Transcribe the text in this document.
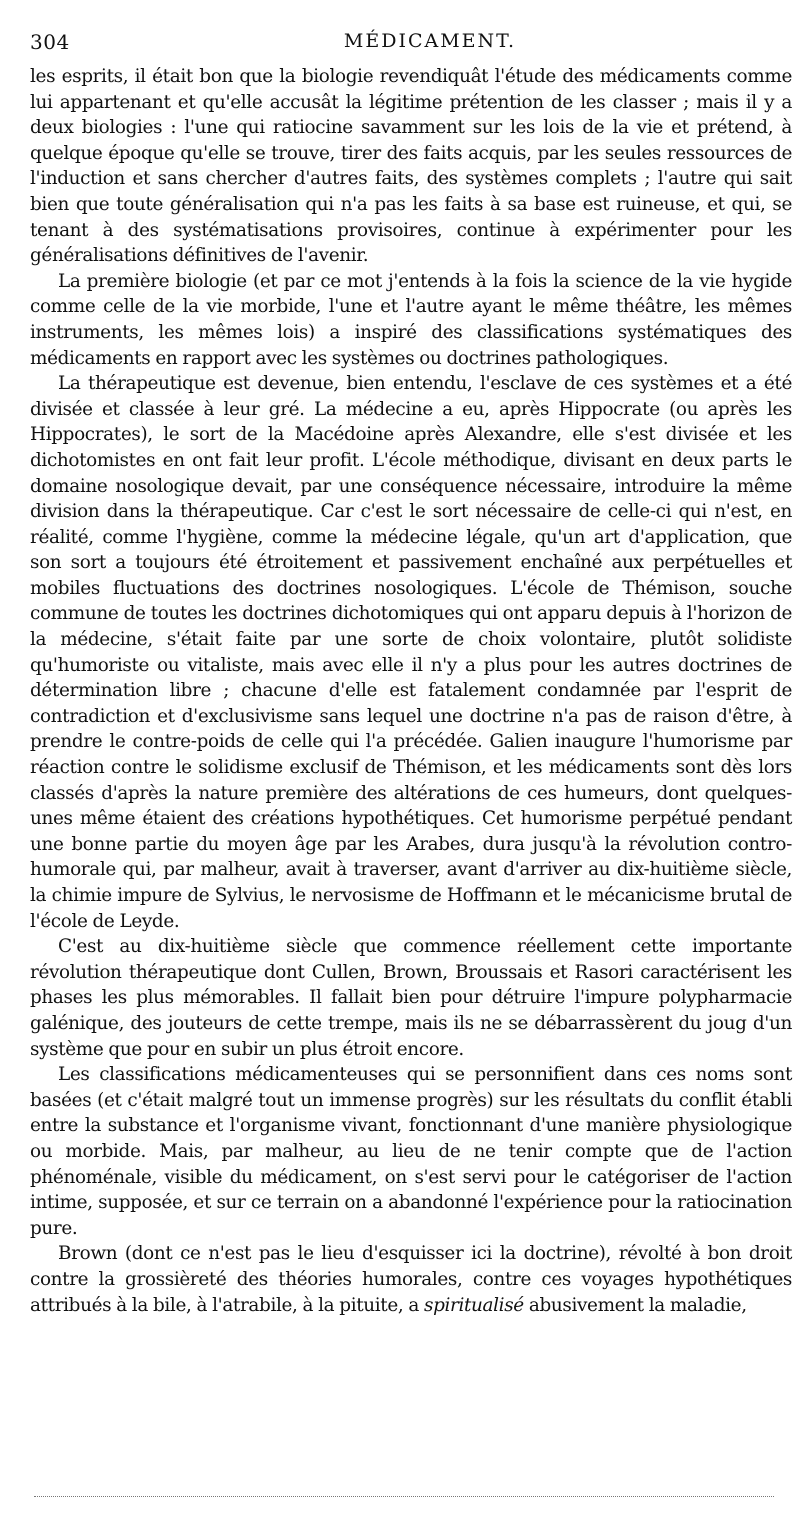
304	MÉDICAMENT.

les esprits, il était bon que la biologie revendiquât l'étude des médicaments comme lui appartenant et qu'elle accusât la légitime prétention de les classer ; mais il y a deux biologies : l'une qui ratiocine savamment sur les lois de la vie et prétend, à quelque époque qu'elle se trouve, tirer des faits acquis, par les seules ressources de l'induction et sans chercher d'autres faits, des systèmes complets ; l'autre qui sait bien que toute généralisation qui n'a pas les faits à sa base est ruineuse, et qui, se tenant à des systématisations provisoires, continue à expérimenter pour les généralisations définitives de l'avenir.

La première biologie (et par ce mot j'entends à la fois la science de la vie hygide comme celle de la vie morbide, l'une et l'autre ayant le même théâtre, les mêmes instruments, les mêmes lois) a inspiré des classifications systématiques des médicaments en rapport avec les systèmes ou doctrines pathologiques.

La thérapeutique est devenue, bien entendu, l'esclave de ces systèmes et a été divisée et classée à leur gré. La médecine a eu, après Hippocrate (ou après les Hippocrates), le sort de la Macédoine après Alexandre, elle s'est divisée et les dichotomistes en ont fait leur profit. L'école méthodique, divisant en deux parts le domaine nosologique devait, par une conséquence nécessaire, introduire la même division dans la thérapeutique. Car c'est le sort nécessaire de celle-ci qui n'est, en réalité, comme l'hygiène, comme la médecine légale, qu'un art d'application, que son sort a toujours été étroitement et passivement enchaîné aux perpétuelles et mobiles fluctuations des doctrines nosologiques. L'école de Thémison, souche commune de toutes les doctrines dichotomiques qui ont apparu depuis à l'horizon de la médecine, s'était faite par une sorte de choix volontaire, plutôt solidiste qu'humoriste ou vitaliste, mais avec elle il n'y a plus pour les autres doctrines de détermination libre ; chacune d'elle est fatalement condamnée par l'esprit de contradiction et d'exclusivisme sans lequel une doctrine n'a pas de raison d'être, à prendre le contre-poids de celle qui l'a précédée. Galien inaugure l'humorisme par réaction contre le solidisme exclusif de Thémison, et les médicaments sont dès lors classés d'après la nature première des altérations de ces humeurs, dont quelques-unes même étaient des créations hypothétiques. Cet humorisme perpétué pendant une bonne partie du moyen âge par les Arabes, dura jusqu'à la révolution contro-humorale qui, par malheur, avait à traverser, avant d'arriver au dix-huitième siècle, la chimie impure de Sylvius, le nervosisme de Hoffmann et le mécanicisme brutal de l'école de Leyde.

C'est au dix-huitième siècle que commence réellement cette importante révolution thérapeutique dont Cullen, Brown, Broussais et Rasori caractérisent les phases les plus mémorables. Il fallait bien pour détruire l'impure polypharmacie galénique, des jouteurs de cette trempe, mais ils ne se débarrassèrent du joug d'un système que pour en subir un plus étroit encore.

Les classifications médicamenteuses qui se personnifient dans ces noms sont basées (et c'était malgré tout un immense progrès) sur les résultats du conflit établi entre la substance et l'organisme vivant, fonctionnant d'une manière physiologique ou morbide. Mais, par malheur, au lieu de ne tenir compte que de l'action phénoménale, visible du médicament, on s'est servi pour le catégoriser de l'action intime, supposée, et sur ce terrain on a abandonné l'expérience pour la ratiocination pure.

Brown (dont ce n'est pas le lieu d'esquisser ici la doctrine), révolté à bon droit contre la grossièreté des théories humorales, contre ces voyages hypothétiques attribués à la bile, à l'atrabile, à la pituite, a spiritualisé abusivement la maladie,
